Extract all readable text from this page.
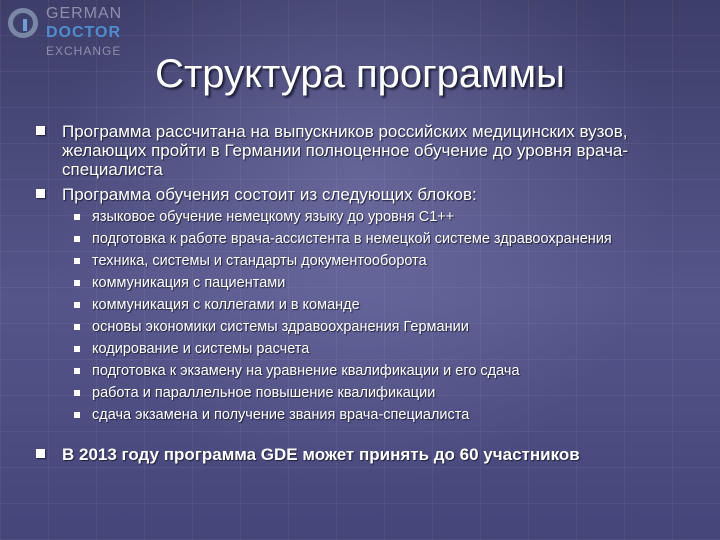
GERMAN
DOCTOR
EXCHANGE
Структура программы
Программа рассчитана на выпускников российских медицинских вузов, желающих пройти в Германии полноценное обучение до уровня врача-специалиста
Программа обучения состоит из следующих блоков:
языковое обучение немецкому языку до уровня С1++
подготовка к работе врача-ассистента в немецкой системе здравоохранения
техника, системы и стандарты документооборота
коммуникация с пациентами
коммуникация с коллегами и в команде
основы экономики системы здравоохранения Германии
кодирование и системы расчета
подготовка к экзамену на уравнение квалификации и его сдача
работа и параллельное повышение квалификации
сдача экзамена и получение звания врача-специалиста
В 2013 году программа GDE может принять до 60 участников
